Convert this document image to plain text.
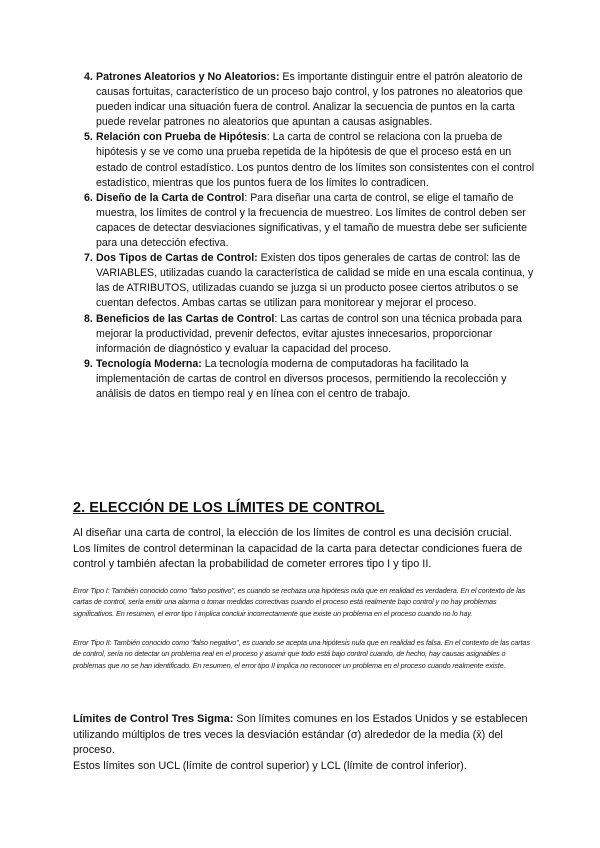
4. Patrones Aleatorios y No Aleatorios: Es importante distinguir entre el patrón aleatorio de causas fortuitas, característico de un proceso bajo control, y los patrones no aleatorios que pueden indicar una situación fuera de control. Analizar la secuencia de puntos en la carta puede revelar patrones no aleatorios que apuntan a causas asignables.
5. Relación con Prueba de Hipótesis: La carta de control se relaciona con la prueba de hipótesis y se ve como una prueba repetida de la hipótesis de que el proceso está en un estado de control estadístico. Los puntos dentro de los límites son consistentes con el control estadístico, mientras que los puntos fuera de los límites lo contradicen.
6. Diseño de la Carta de Control: Para diseñar una carta de control, se elige el tamaño de muestra, los límites de control y la frecuencia de muestreo. Los límites de control deben ser capaces de detectar desviaciones significativas, y el tamaño de muestra debe ser suficiente para una detección efectiva.
7. Dos Tipos de Cartas de Control: Existen dos tipos generales de cartas de control: las de VARIABLES, utilizadas cuando la característica de calidad se mide en una escala continua, y las de ATRIBUTOS, utilizadas cuando se juzga si un producto posee ciertos atributos o se cuentan defectos. Ambas cartas se utilizan para monitorear y mejorar el proceso.
8. Beneficios de las Cartas de Control: Las cartas de control son una técnica probada para mejorar la productividad, prevenir defectos, evitar ajustes innecesarios, proporcionar información de diagnóstico y evaluar la capacidad del proceso.
9. Tecnología Moderna: La tecnología moderna de computadoras ha facilitado la implementación de cartas de control en diversos procesos, permitiendo la recolección y análisis de datos en tiempo real y en línea con el centro de trabajo.
2. ELECCIÓN DE LOS LÍMITES DE CONTROL

Al diseñar una carta de control, la elección de los límites de control es una decisión crucial. Los límites de control determinan la capacidad de la carta para detectar condiciones fuera de control y también afectan la probabilidad de cometer errores tipo I y tipo II.

Error Tipo I: También conocido como "falso positivo", es cuando se rechaza una hipótesis nula que en realidad es verdadera. En el contexto de las cartas de control, sería emitir una alarma o tomar medidas correctivas cuando el proceso está realmente bajo control y no hay problemas significativos. En resumen, el error tipo I implica concluir incorrectamente que existe un problema en el proceso cuando no lo hay.

Error Tipo II: También conocido como "falso negativo", es cuando se acepta una hipótesis nula que en realidad es falsa. En el contexto de las cartas de control, sería no detectar un problema real en el proceso y asumir que todo está bajo control cuando, de hecho, hay causas asignables o problemas que no se han identificado. En resumen, el error tipo II implica no reconocer un problema en el proceso cuando realmente existe.

Límites de Control Tres Sigma: Son límites comunes en los Estados Unidos y se establecen utilizando múltiplos de tres veces la desviación estándar (σ) alrededor de la media (x̄) del proceso.
Estos límites son UCL (límite de control superior) y LCL (límite de control inferior).
